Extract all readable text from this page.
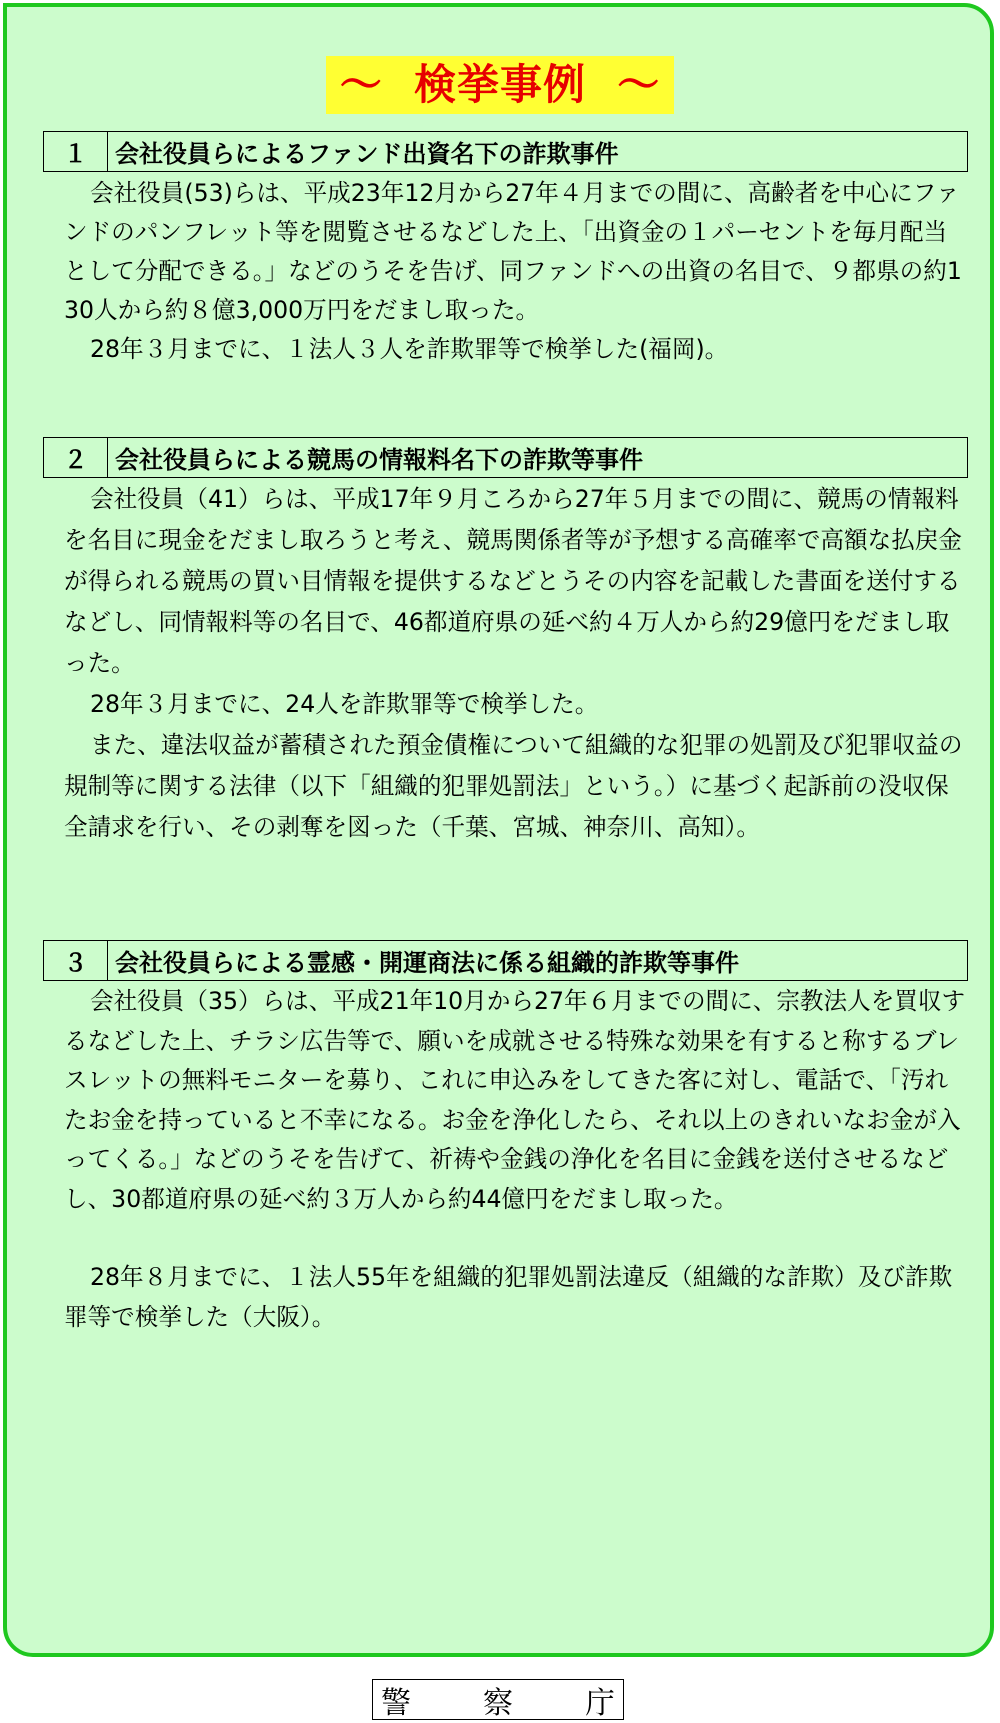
～  検挙事例  ～
１	会社役員らによるファンド出資名下の詐欺事件

会社役員(53)らは、平成23年12月から27年４月までの間に、高齢者を中心にファンドのパンフレット等を閲覧させるなどした上、「出資金の１パーセントを毎月配当として分配できる。」などのうそを告げ、同ファンドへの出資の名目で、９都県の約130人から約８億3,000万円をだまし取った。

28年３月までに、１法人３人を詐欺罪等で検挙した(福岡)。

２	会社役員らによる競馬の情報料名下の詐欺等事件

会社役員（41）らは、平成17年９月ころから27年５月までの間に、競馬の情報料を名目に現金をだまし取ろうと考え、競馬関係者等が予想する高確率で高額な払戻金が得られる競馬の買い目情報を提供するなどとうその内容を記載した書面を送付するなどし、同情報料等の名目で、46都道府県の延べ約４万人から約29億円をだまし取った。

28年３月までに、24人を詐欺罪等で検挙した。

また、違法収益が蓄積された預金債権について組織的な犯罪の処罰及び犯罪収益の規制等に関する法律（以下「組織的犯罪処罰法」という。）に基づく起訴前の没収保全請求を行い、その剥奪を図った（千葉、宮城、神奈川、高知）。

３	会社役員らによる霊感・開運商法に係る組織的詐欺等事件

会社役員（35）らは、平成21年10月から27年６月までの間に、宗教法人を買収するなどした上、チラシ広告等で、願いを成就させる特殊な効果を有すると称するブレスレットの無料モニターを募り、これに申込みをしてきた客に対し、電話で、「汚れたお金を持っていると不幸になる。お金を浄化したら、それ以上のきれいなお金が入ってくる。」などのうそを告げて、祈祷や金銭の浄化を名目に金銭を送付させるなどし、30都道府県の延べ約３万人から約44億円をだまし取った。

28年８月までに、１法人55年を組織的犯罪処罰法違反（組織的な詐欺）及び詐欺罪等で検挙した（大阪）。

警 察 庁
